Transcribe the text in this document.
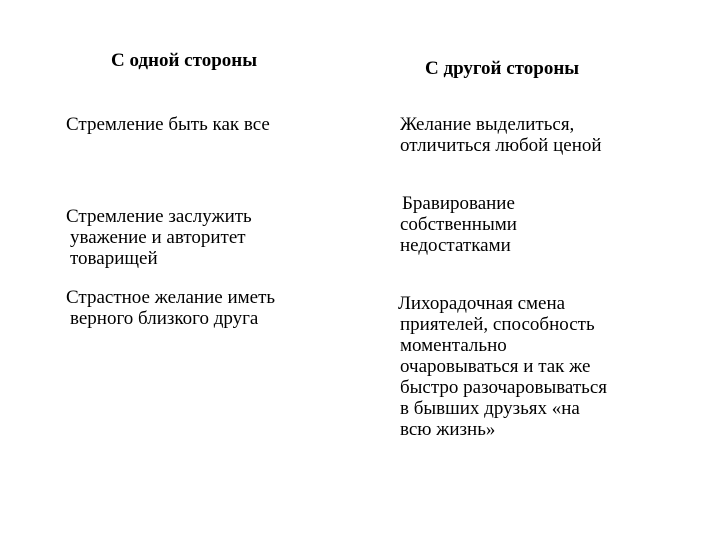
С одной стороны	С другой стороны
Стремление быть как все	Желание выделиться,
отличиться любой ценой
Стремление заслужить
уважение и авторитет
товарищей
Бравирование
собственными
недостатками
Страстное желание иметь
верного близкого друга
Лихорадочная смена
приятелей, способность
моментально
очаровываться и так же
быстро разочаровываться
в бывших друзьях «на
всю жизнь»
